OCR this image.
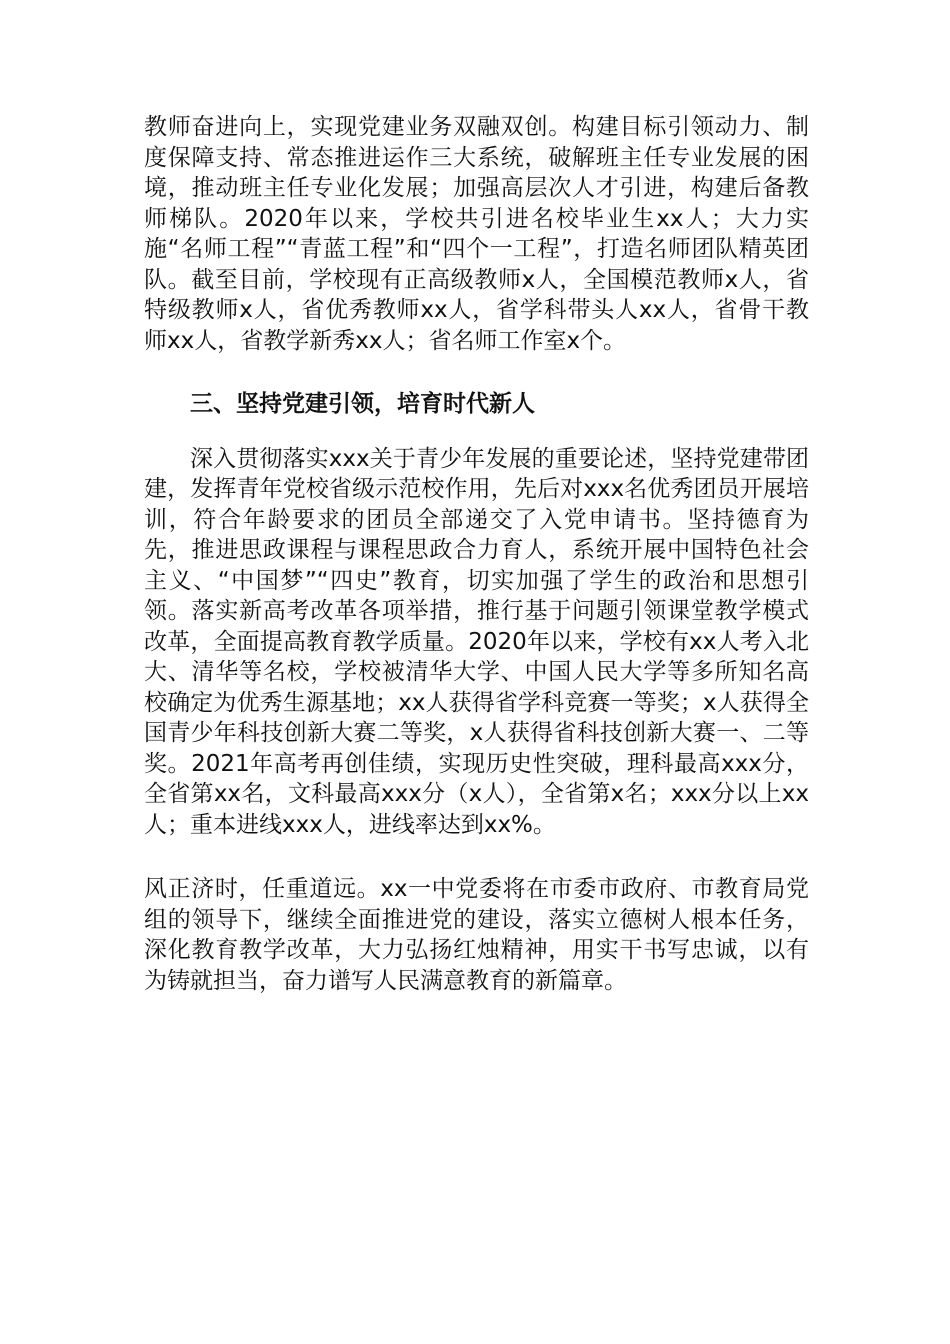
教师奋进向上，实现党建业务双融双创。构建目标引领动力、制度保障支持、常态推进运作三大系统，破解班主任专业发展的困境，推动班主任专业化发展；加强高层次人才引进，构建后备教师梯队。2020年以来，学校共引进名校毕业生xx人；大力实施“名师工程”“青蓝工程”和“四个一工程”，打造名师团队精英团队。截至目前，学校现有正高级教师x人，全国模范教师x人，省特级教师x人，省优秀教师xx人，省学科带头人xx人，省骨干教师xx人，省教学新秀xx人；省名师工作室x个。

三、坚持党建引领，培育时代新人

深入贯彻落实xxx关于青少年发展的重要论述，坚持党建带团建，发挥青年党校省级示范校作用，先后对xxx名优秀团员开展培训，符合年龄要求的团员全部递交了入党申请书。坚持德育为先，推进思政课程与课程思政合力育人，系统开展中国特色社会主义、“中国梦”“四史”教育，切实加强了学生的政治和思想引领。落实新高考改革各项举措，推行基于问题引领课堂教学模式改革，全面提高教育教学质量。2020年以来，学校有xx人考入北大、清华等名校，学校被清华大学、中国人民大学等多所知名高校确定为优秀生源基地；xx人获得省学科竞赛一等奖；x人获得全国青少年科技创新大赛二等奖，x人获得省科技创新大赛一、二等奖。2021年高考再创佳绩，实现历史性突破，理科最高xxx分，全省第xx名，文科最高xxx分（x人），全省第x名；xxx分以上xx人；重本进线xxx人，进线率达到xx%。

风正济时，任重道远。xx一中党委将在市委市政府、市教育局党组的领导下，继续全面推进党的建设，落实立德树人根本任务，深化教育教学改革，大力弘扬红烛精神，用实干书写忠诚，以有为铸就担当，奋力谱写人民满意教育的新篇章。
